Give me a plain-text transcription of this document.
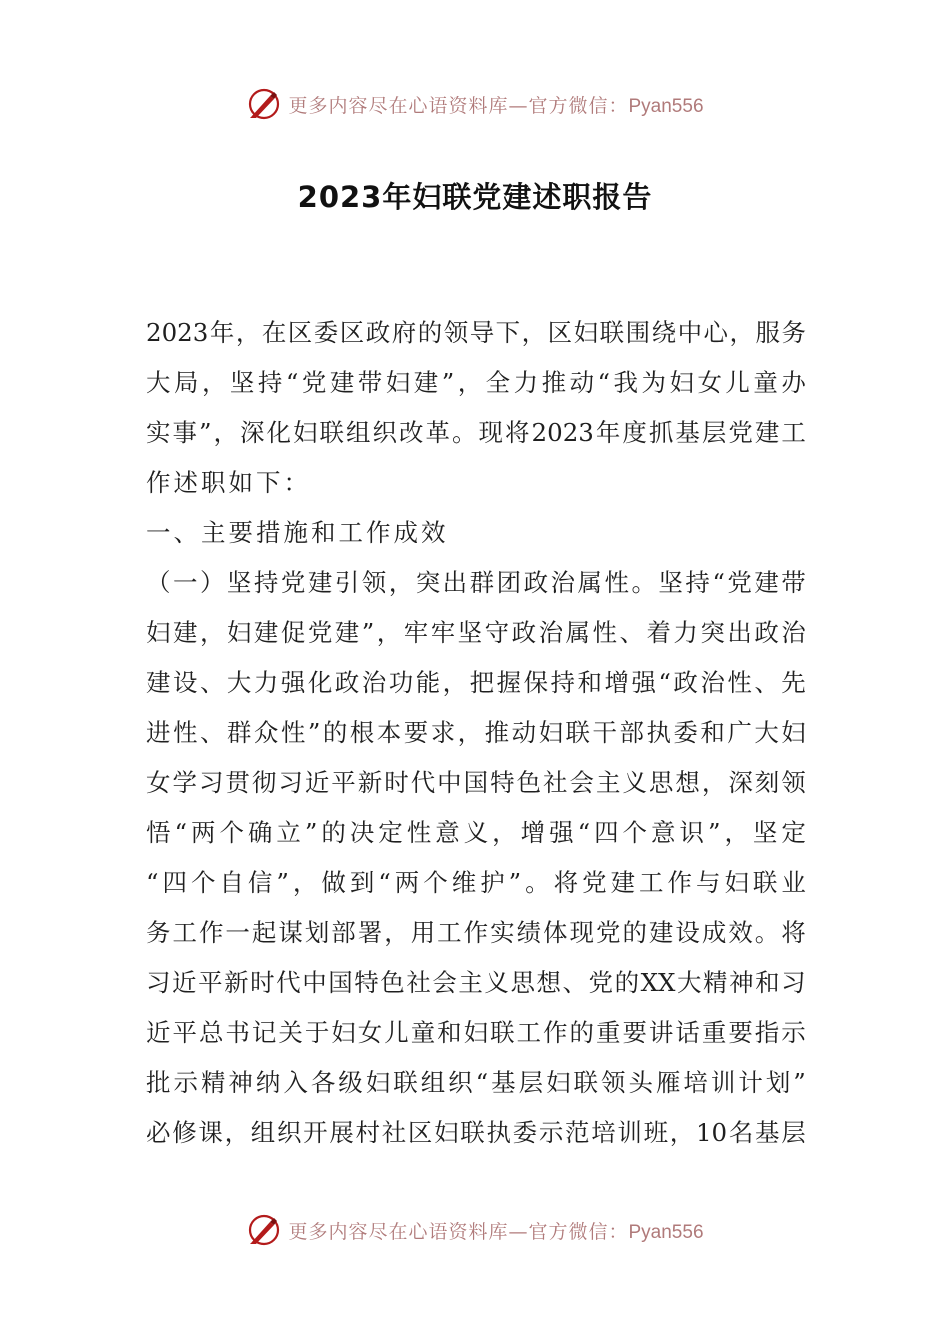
更多内容尽在心语资料库—官方微信：Pyan556
2023年妇联党建述职报告
2023 年 ， 在 区 委 区 政 府 的 领 导 下 ， 区 妇 联 围 绕 中 心 ， 服 务
大 局 ， 坚 持 “ 党 建 带 妇 建 ” ， 全 力 推 动 “ 我 为 妇 女 儿 童 办
实 事 ” ， 深 化 妇 联 组 织 改 革 。 现 将 2023 年 度 抓 基 层 党 建 工
作 述 职 如 下 ：
一 、 主 要 措 施 和 工 作 成 效
（ 一 ） 坚 持 党 建 引 领 ， 突 出 群 团 政 治 属 性 。 坚 持 “ 党 建 带
妇 建 ， 妇 建 促 党 建 ” ， 牢 牢 坚 守 政 治 属 性 、 着 力 突 出 政 治
建 设 、 大 力 强 化 政 治 功 能 ， 把 握 保 持 和 增 强 “ 政 治 性 、 先
进 性 、 群 众 性 ” 的 根 本 要 求 ， 推 动 妇 联 干 部 执 委 和 广 大 妇
女 学 习 贯 彻 习 近 平 新 时 代 中 国 特 色 社 会 主 义 思 想 ， 深 刻 领
悟 “ 两 个 确 立 ” 的 决 定 性 意 义 ， 增 强 “ 四 个 意 识 ” ， 坚 定
“ 四 个 自 信 ” ， 做 到 “ 两 个 维 护 ” 。 将 党 建 工 作 与 妇 联 业
务 工 作 一 起 谋 划 部 署 ， 用 工 作 实 绩 体 现 党 的 建 设 成 效 。 将
习 近 平 新 时 代 中 国 特 色 社 会 主 义 思 想 、 党 的 XX 大 精 神 和 习
近 平 总 书 记 关 于 妇 女 儿 童 和 妇 联 工 作 的 重 要 讲 话 重 要 指 示
批 示 精 神 纳 入 各 级 妇 联 组 织 “ 基 层 妇 联 领 头 雁 培 训 计 划 ”
必 修 课 ， 组 织 开 展 村 社 区 妇 联 执 委 示 范 培 训 班 ， 10 名 基 层
更多内容尽在心语资料库—官方微信：Pyan556
